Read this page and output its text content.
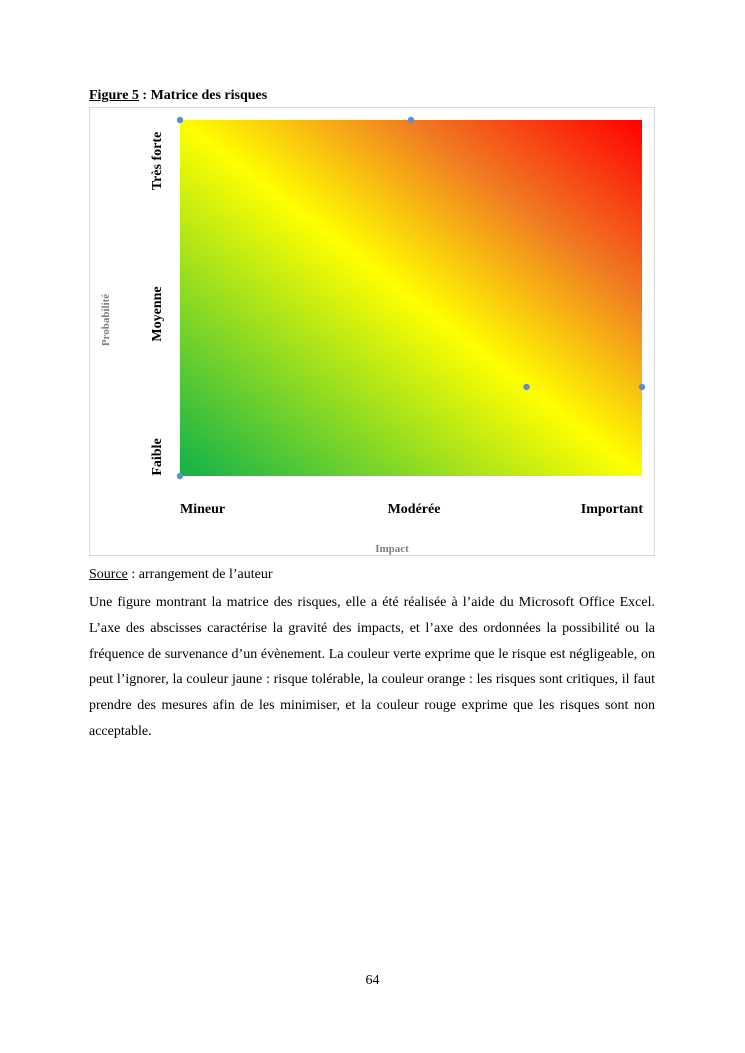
Figure 5 : Matrice des risques
Mineur	Modérée	Important
Faible
Moyenne
Très forte
Impact
Probabilité
Source : arrangement de l’auteur
Une figure montrant la matrice des risques, elle a été réalisée à l’aide du Microsoft Office Excel. L’axe des abscisses caractérise la gravité des impacts, et l’axe des ordonnées la possibilité ou la fréquence de survenance d’un évènement. La couleur verte exprime que le risque est négligeable, on peut l’ignorer, la couleur jaune : risque tolérable, la couleur orange : les risques sont critiques, il faut prendre des mesures afin de les minimiser, et la couleur rouge exprime que les risques sont non acceptable.
64
